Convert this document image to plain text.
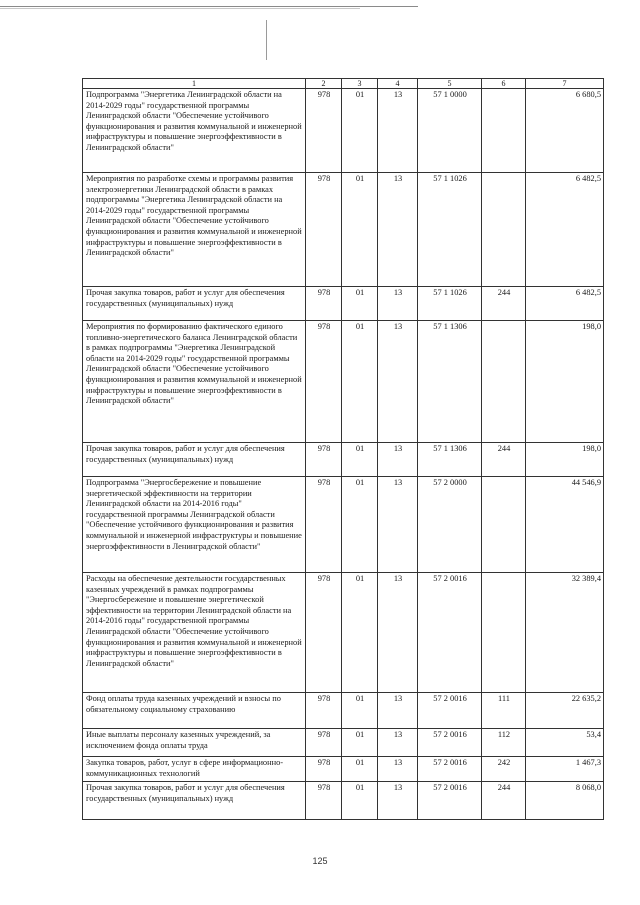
1	2	3	4	5	6	7
Подпрограмма "Энергетика Ленинградской области на 2014-2029 годы" государственной программы Ленинградской области "Обеспечение устойчивого функционирования и развития коммунальной и инженерной инфраструктуры и повышение энергоэффективности в Ленинградской области"	978	01	13	57 1 0000		6 680,5
Мероприятия по разработке схемы и программы развития электроэнергетики Ленинградской области в рамках подпрограммы "Энергетика Ленинградской области на 2014-2029 годы" государственной программы Ленинградской области "Обеспечение устойчивого функционирования и развития коммунальной и инженерной инфраструктуры и повышение энергоэффективности в Ленинградской области"	978	01	13	57 1 1026		6 482,5
Прочая закупка товаров, работ и услуг для обеспечения государственных (муниципальных) нужд	978	01	13	57 1 1026	244	6 482,5
Мероприятия по формированию фактического единого топливно-энергетического баланса Ленинградской области в рамках подпрограммы "Энергетика Ленинградской области на 2014-2029 годы" государственной программы Ленинградской области "Обеспечение устойчивого функционирования и развития коммунальной и инженерной инфраструктуры и повышение энергоэффективности в Ленинградской области"	978	01	13	57 1 1306		198,0
Прочая закупка товаров, работ и услуг для обеспечения государственных (муниципальных) нужд	978	01	13	57 1 1306	244	198,0
Подпрограмма "Энергосбережение и повышение энергетической эффективности на территории Ленинградской области на 2014-2016 годы" государственной программы Ленинградской области "Обеспечение устойчивого функционирования и развития коммунальной и инженерной инфраструктуры и повышение энергоэффективности в Ленинградской области"	978	01	13	57 2 0000		44 546,9
Расходы на обеспечение деятельности государственных казенных учреждений в рамках подпрограммы "Энергосбережение и повышение энергетической эффективности на территории Ленинградской области на 2014-2016 годы" государственной программы Ленинградской области "Обеспечение устойчивого функционирования и развития коммунальной и инженерной инфраструктуры и повышение энергоэффективности в Ленинградской области"	978	01	13	57 2 0016		32 389,4
Фонд оплаты труда казенных учреждений и взносы по обязательному социальному страхованию	978	01	13	57 2 0016	111	22 635,2
Иные выплаты персоналу казенных учреждений, за исключением фонда оплаты труда	978	01	13	57 2 0016	112	53,4
Закупка товаров, работ, услуг в сфере информационно-коммуникационных технологий	978	01	13	57 2 0016	242	1 467,3
Прочая закупка товаров, работ и услуг для обеспечения государственных (муниципальных) нужд	978	01	13	57 2 0016	244	8 068,0
125
